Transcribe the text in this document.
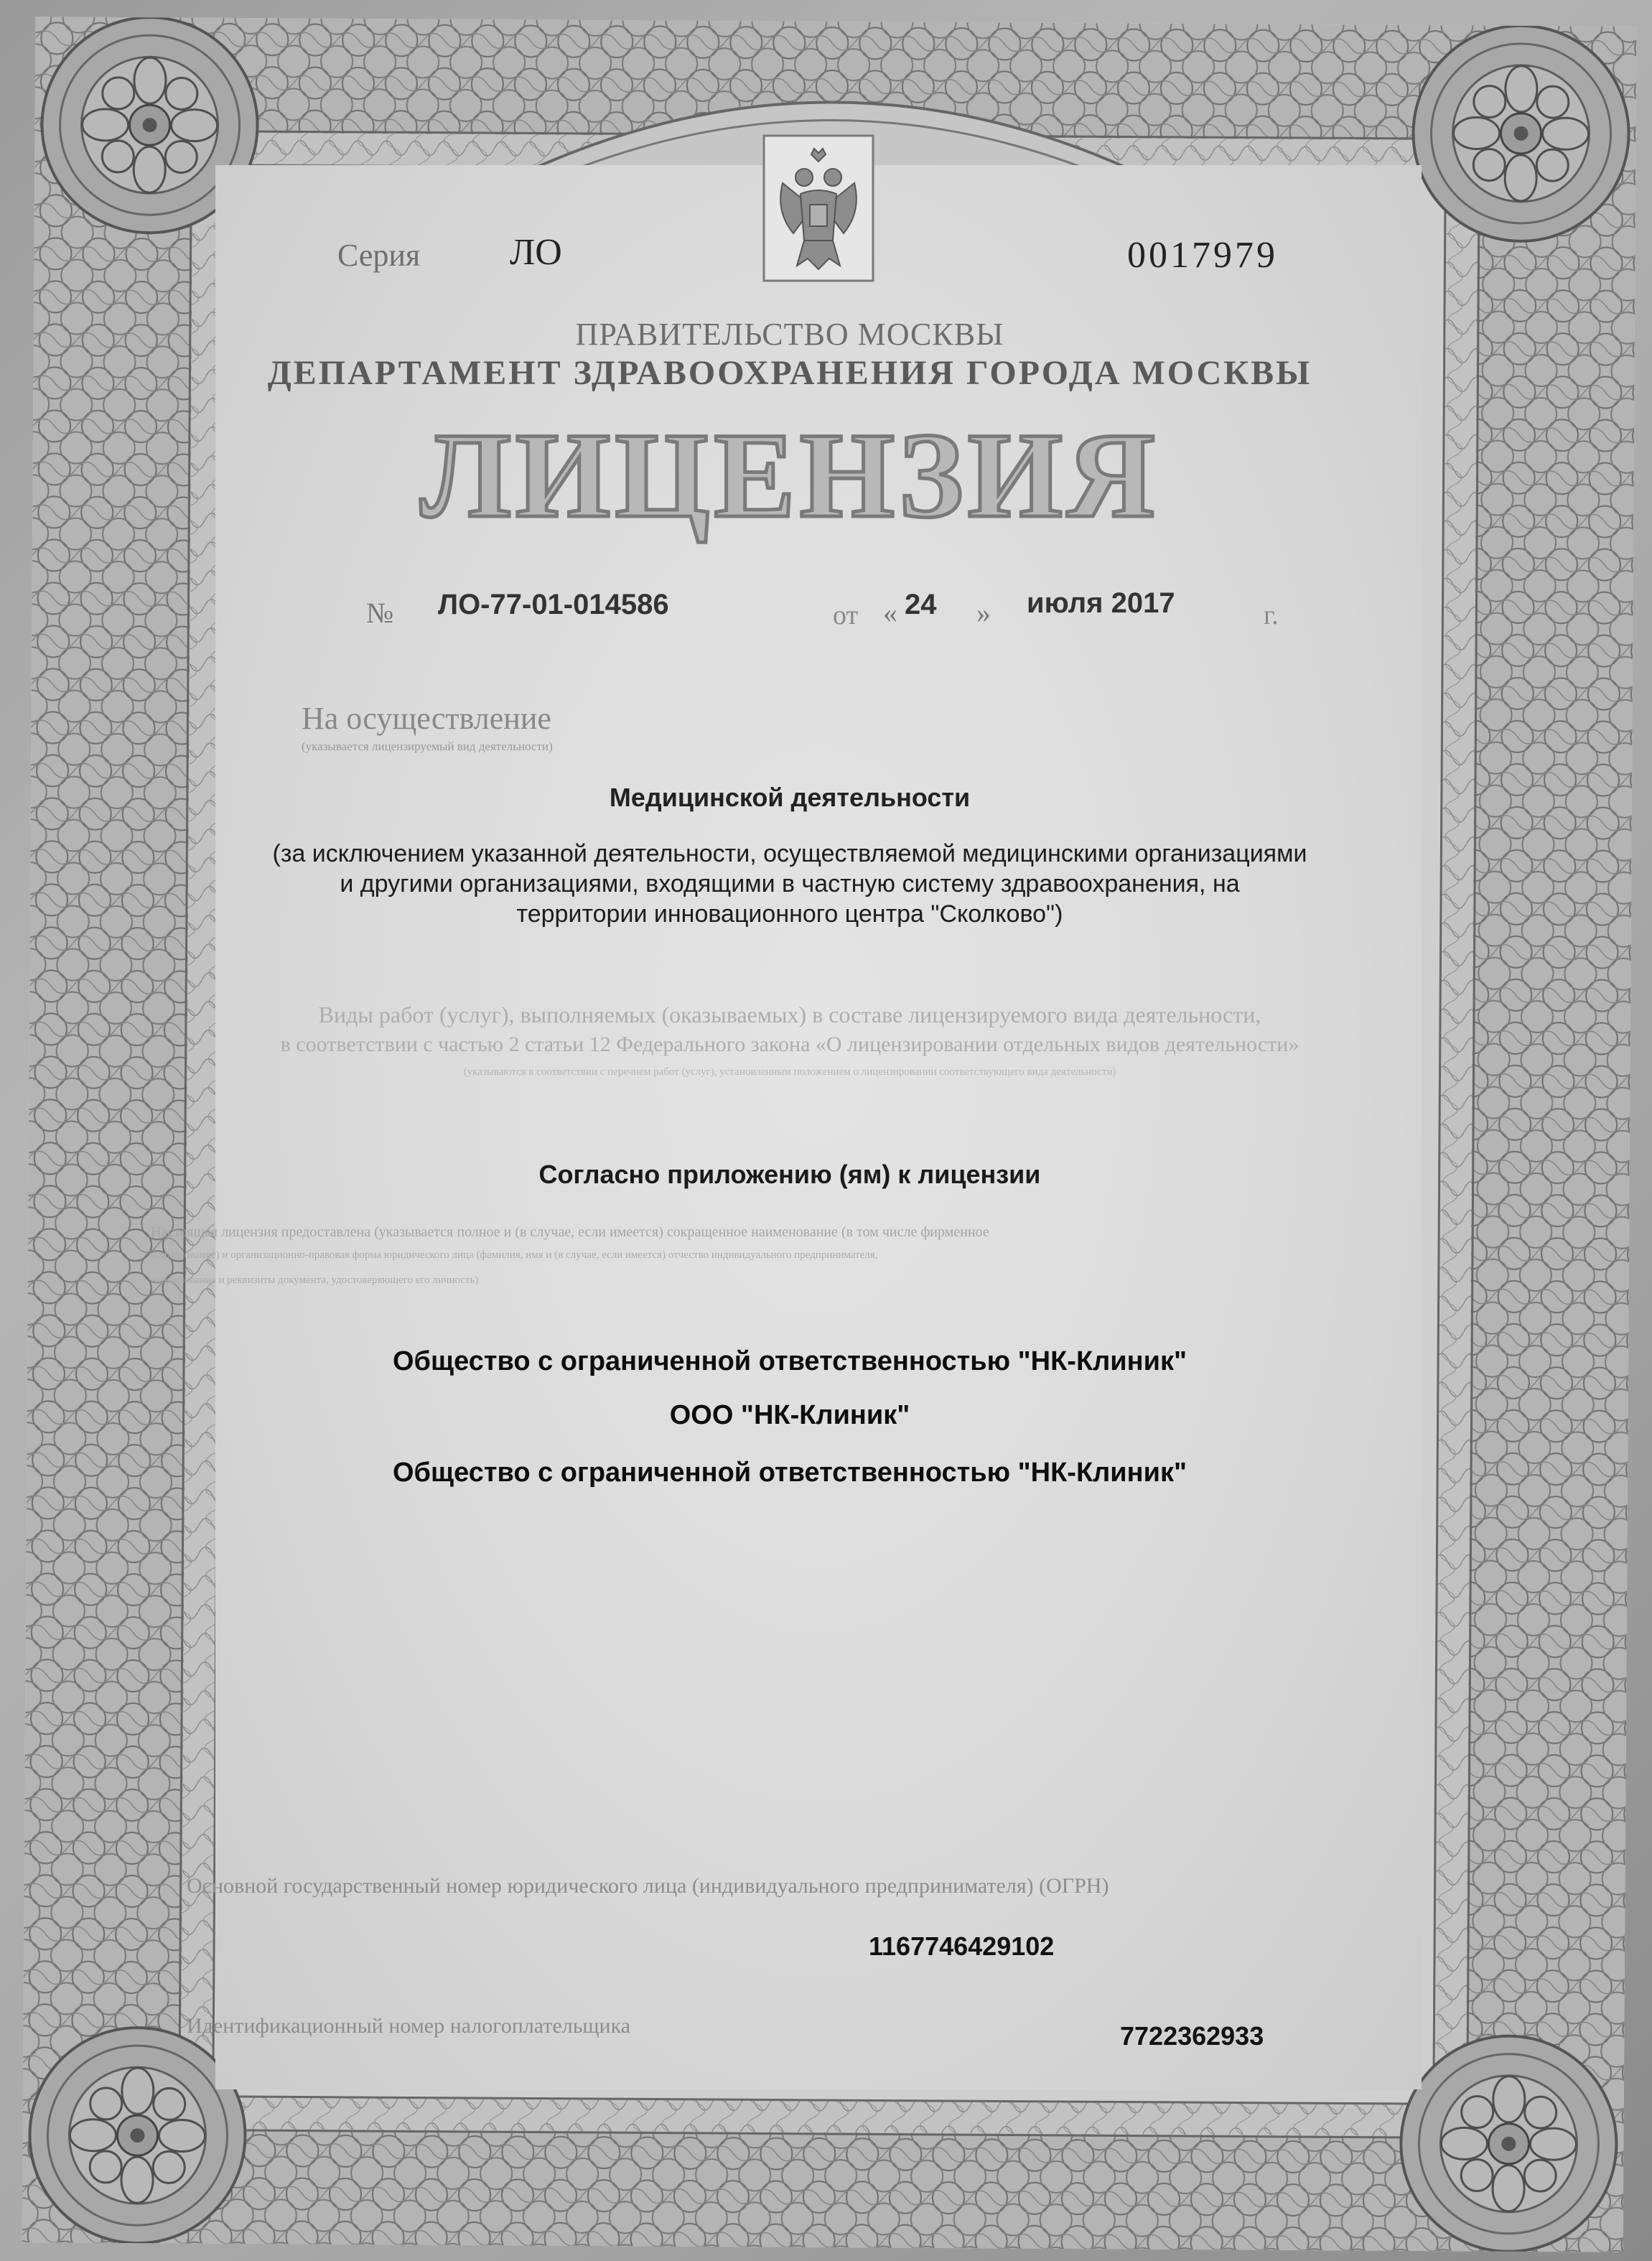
Серия ЛО	0017979
ПРАВИТЕЛЬСТВО МОСКВЫ
ДЕПАРТАМЕНТ ЗДРАВООХРАНЕНИЯ ГОРОДА МОСКВЫ
ЛИЦЕНЗИЯ
№ ЛО-77-01-014586	от « 24 » июля 2017	г.
На осуществление
(указывается лицензируемый вид деятельности)
Медицинской деятельности
(за исключением указанной деятельности, осуществляемой медицинскими организациями
и другими организациями, входящими в частную систему здравоохранения, на
территории инновационного центра "Сколково")
Виды работ (услуг), выполняемых (оказываемых) в составе лицензируемого вида деятельности,
в соответствии с частью 2 статьи 12 Федерального закона «О лицензировании отдельных видов деятельности»
(указываются в соответствии с перечнем работ (услуг), установленным положением о лицензировании соответствующего вида деятельности)
Согласно приложению (ям) к лицензии
Настоящая лицензия предоставлена (указывается полное и (в случае, если имеется) сокращенное наименование (в том числе фирменное
наименование) и организационно-правовая форма юридического лица (фамилия, имя и (в случае, если имеется) отчество индивидуального предпринимателя,
наименование и реквизиты документа, удостоверяющего его личность)
Общество с ограниченной ответственностью "НК-Клиник"
ООО "НК-Клиник"
Общество с ограниченной ответственностью "НК-Клиник"
Основной государственный номер юридического лица (индивидуального предпринимателя) (ОГРН)
1167746429102
Идентификационный номер налогоплательщика	7722362933
